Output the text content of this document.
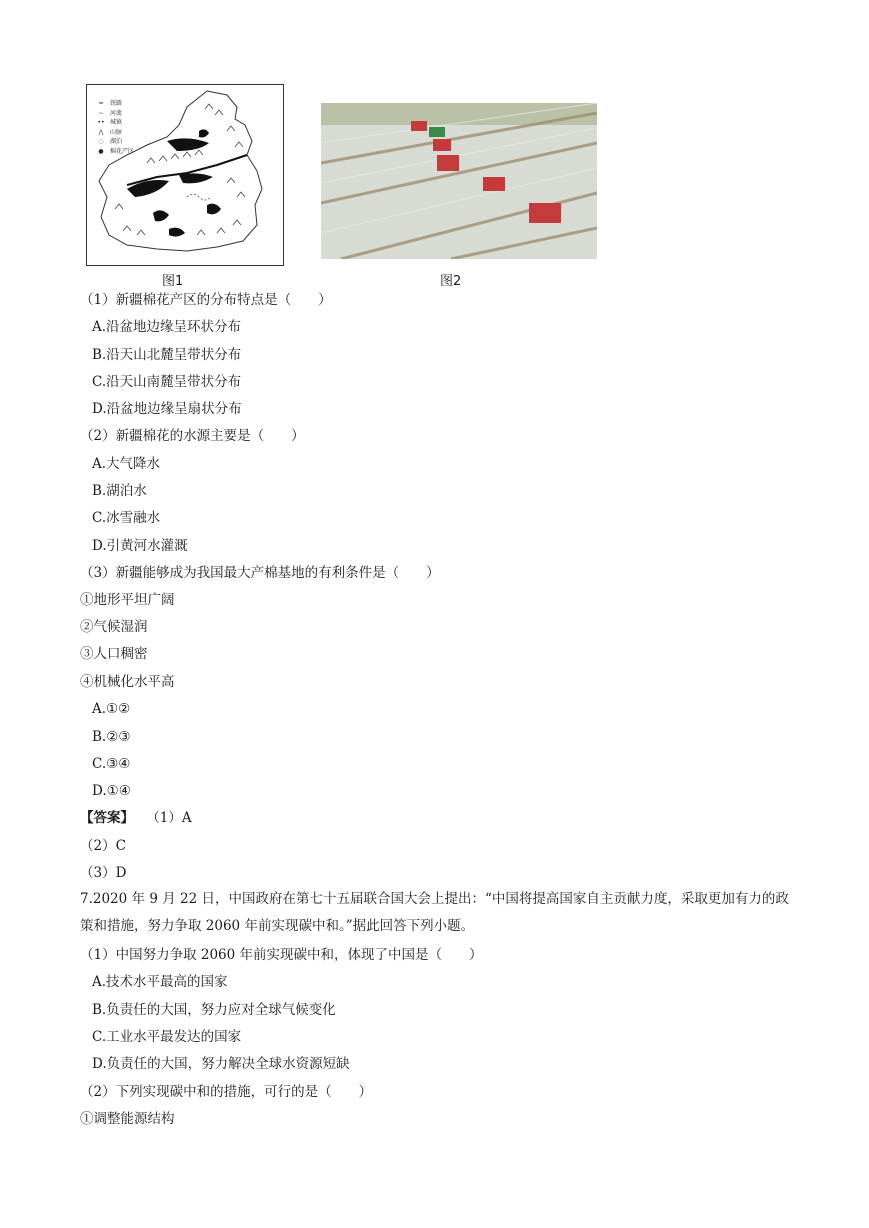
━	铁路
∼	河流
•• 城镇
⋀	山脉
◌	湖泊
●	棉花产区
图1	图2
（1）新疆棉花产区的分布特点是（　　）
A.沿盆地边缘呈环状分布
B.沿天山北麓呈带状分布
C.沿天山南麓呈带状分布
D.沿盆地边缘呈扇状分布
（2）新疆棉花的水源主要是（　　）
A.大气降水
B.湖泊水
C.冰雪融水
D.引黄河水灌溉
（3）新疆能够成为我国最大产棉基地的有利条件是（　　）
①地形平坦广阔
②气候湿润
③人口稠密
④机械化水平高
A.①②
B.②③
C.③④
D.①④
【答案】 （1）A
（2）C
（3）D
7.2020 年 9 月 22 日，中国政府在第七十五届联合国大会上提出：“中国将提高国家自主贡献力度，采取更加有力的政策和措施，努力争取 2060 年前实现碳中和。”据此回答下列小题。
（1）中国努力争取 2060 年前实现碳中和，体现了中国是（　　）
A.技术水平最高的国家
B.负责任的大国，努力应对全球气候变化
C.工业水平最发达的国家
D.负责任的大国，努力解决全球水资源短缺
（2）下列实现碳中和的措施，可行的是（　　）
①调整能源结构
